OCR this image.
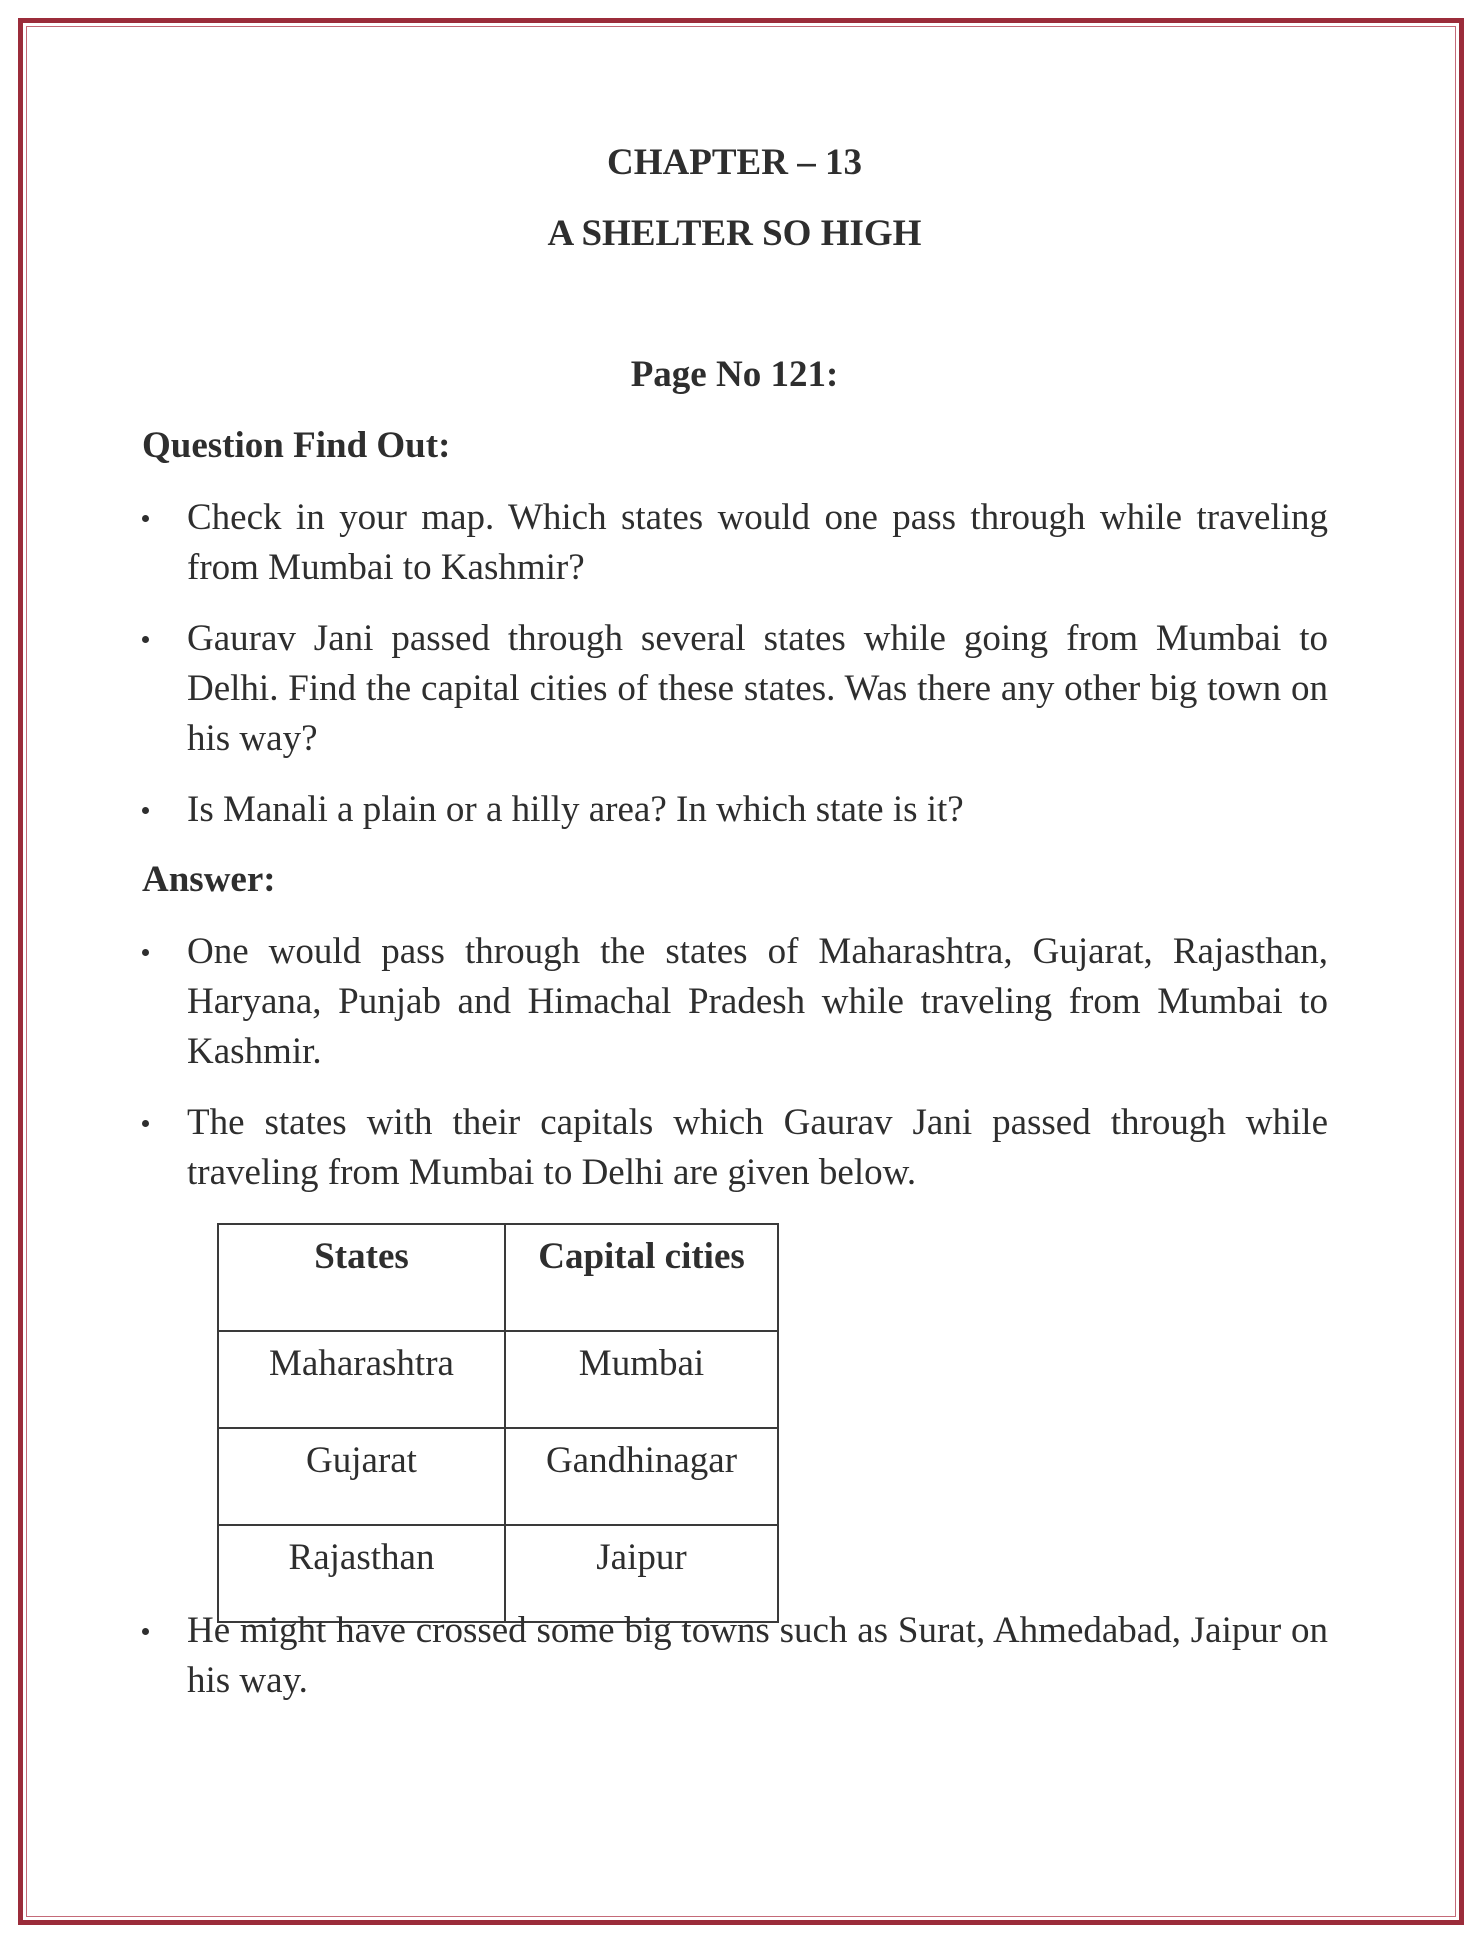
CHAPTER – 13
A SHELTER SO HIGH
Page No 121:
Question Find Out:
Check in your map. Which states would one pass through while traveling from Mumbai to Kashmir?
Gaurav Jani passed through several states while going from Mumbai to Delhi. Find the capital cities of these states. Was there any other big town on his way?
Is Manali a plain or a hilly area? In which state is it?
Answer:
One would pass through the states of Maharashtra, Gujarat, Rajasthan, Haryana, Punjab and Himachal Pradesh while traveling from Mumbai to Kashmir.
The states with their capitals which Gaurav Jani passed through while traveling from Mumbai to Delhi are given below.
States	Capital cities
Maharashtra	Mumbai
Gujarat	Gandhinagar
Rajasthan	Jaipur
He might have crossed some big towns such as Surat, Ahmedabad, Jaipur on his way.
